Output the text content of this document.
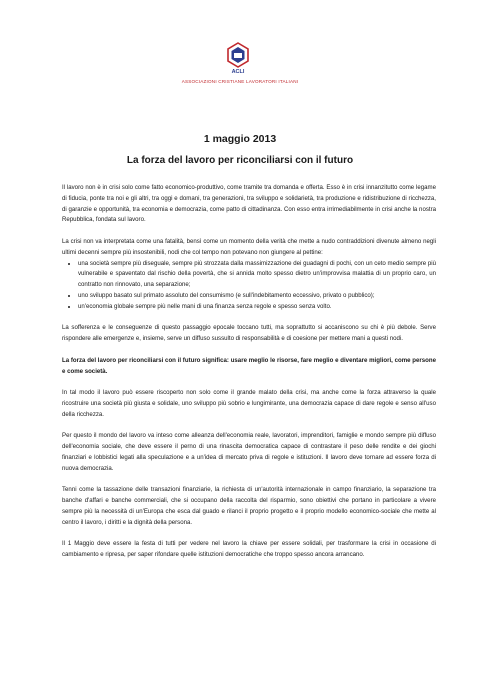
ACLI
ASSOCIAZIONI CRISTIANE LAVORATORI ITALIANI
1 maggio 2013
La forza del lavoro per riconciliarsi con il futuro

Il lavoro non è in crisi solo come fatto economico-produttivo, come tramite tra domanda e offerta. Esso è in crisi innanzitutto come legame di fiducia, ponte tra noi e gli altri, tra oggi e domani, tra generazioni, tra sviluppo e solidarietà, tra produzione e ridistribuzione di ricchezza, di garanzie e opportunità, tra economia e democrazia, come patto di cittadinanza. Con esso entra irrimediabilmente in crisi anche la nostra Repubblica, fondata sul lavoro.

La crisi non va interpretata come una fatalità, bensì come un momento della verità che mette a nudo contraddizioni divenute almeno negli ultimi decenni sempre più insostenibili, nodi che col tempo non potevano non giungere al pettine:

• una società sempre più diseguale, sempre più strozzata dalla massimizzazione dei guadagni di pochi, con un ceto medio sempre più vulnerabile e spaventato dal rischio della povertà, che si annida molto spesso dietro un'improvvisa malattia di un proprio caro, un contratto non rinnovato, una separazione;
• uno sviluppo basato sul primato assoluto del consumismo (e sull'indebitamento eccessivo, privato o pubblico);
• un'economia globale sempre più nelle mani di una finanza senza regole e spesso senza volto.

La sofferenza e le conseguenze di questo passaggio epocale toccano tutti, ma soprattutto si accaniscono su chi è più debole. Serve rispondere alle emergenze e, insieme, serve un diffuso sussulto di responsabilità e di coesione per mettere mani a questi nodi.

La forza del lavoro per riconciliarsi con il futuro significa: usare meglio le risorse, fare meglio e diventare migliori, come persone e come società.

In tal modo il lavoro può essere riscoperto non solo come il grande malato della crisi, ma anche come la forza attraverso la quale ricostruire una società più giusta e solidale, uno sviluppo più sobrio e lungimirante, una democrazia capace di dare regole e senso all'uso della ricchezza.

Per questo il mondo del lavoro va inteso come alleanza dell'economia reale, lavoratori, imprenditori, famiglie e mondo sempre più diffuso dell'economia sociale, che deve essere il perno di una rinascita democratica capace di contrastare il peso delle rendite e dei giochi finanziari e lobbistici legati alla speculazione e a un'idea di mercato priva di regole e istituzioni. Il lavoro deve tornare ad essere forza di nuova democrazia.

Tenni come la tassazione delle transazioni finanziarie, la richiesta di un'autorità internazionale in campo finanziario, la separazione tra banche d'affari e banche commerciali, che si occupano della raccolta del risparmio, sono obiettivi che portano in particolare a vivere sempre più la necessità di un'Europa che esca dal guado e rilanci il proprio progetto e il proprio modello economico-sociale che mette al centro il lavoro, i diritti e la dignità della persona.

Il 1 Maggio deve essere la festa di tutti per vedere nel lavoro la chiave per essere solidali, per trasformare la crisi in occasione di cambiamento e ripresa, per saper rifondare quelle istituzioni democratiche che troppo spesso ancora arrancano.
